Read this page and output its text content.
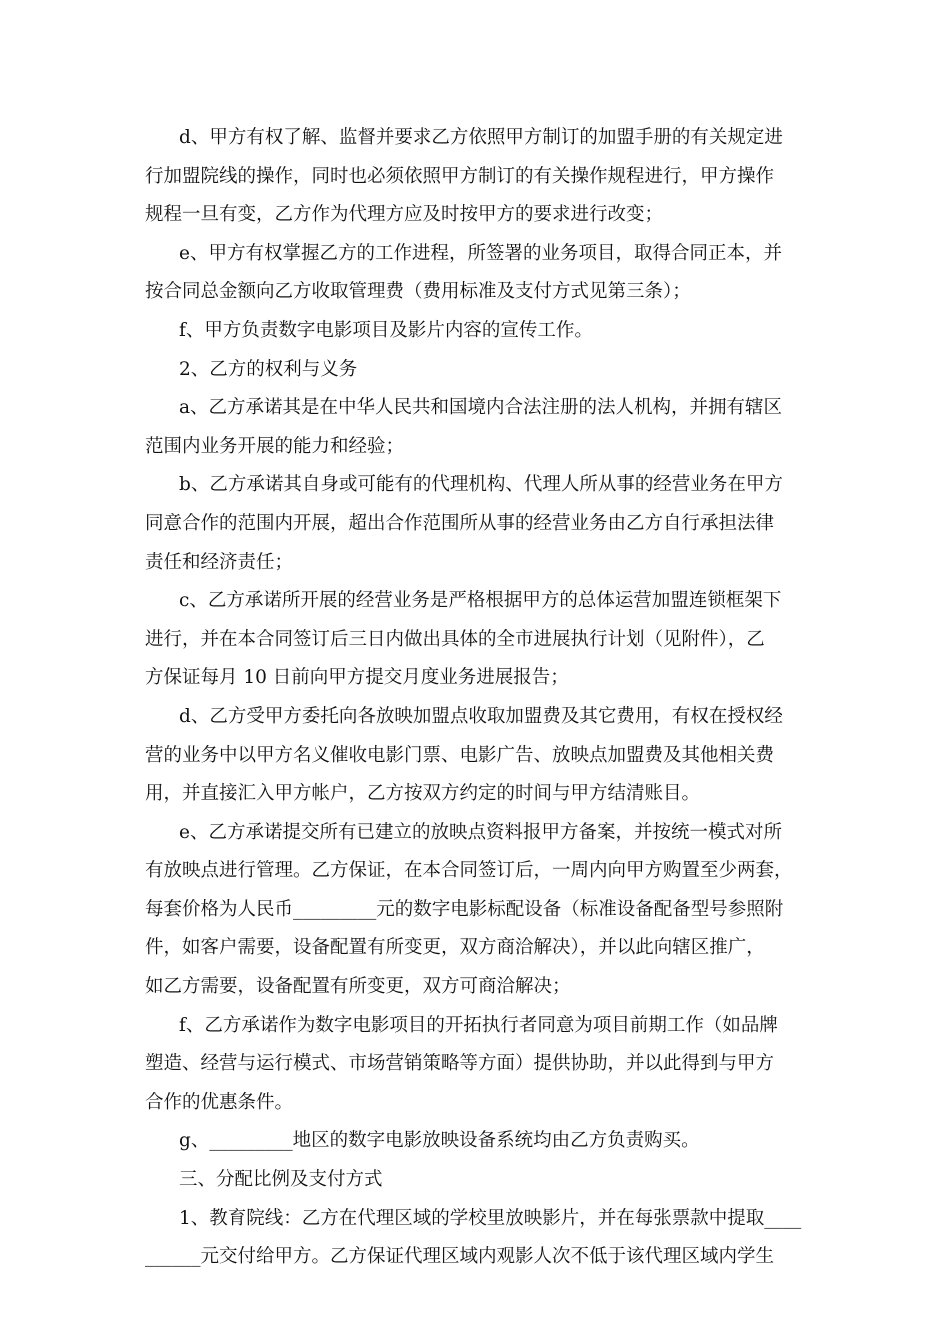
d、甲方有权了解、监督并要求乙方依照甲方制订的加盟手册的有关规定进
行加盟院线的操作，同时也必须依照甲方制订的有关操作规程进行，甲方操作
规程一旦有变，乙方作为代理方应及时按甲方的要求进行改变；
e、甲方有权掌握乙方的工作进程，所签署的业务项目，取得合同正本，并
按合同总金额向乙方收取管理费（费用标准及支付方式见第三条）；
f、甲方负责数字电影项目及影片内容的宣传工作。
2、乙方的权利与义务
a、乙方承诺其是在中华人民共和国境内合法注册的法人机构，并拥有辖区
范围内业务开展的能力和经验；
b、乙方承诺其自身或可能有的代理机构、代理人所从事的经营业务在甲方
同意合作的范围内开展，超出合作范围所从事的经营业务由乙方自行承担法律
责任和经济责任；
c、乙方承诺所开展的经营业务是严格根据甲方的总体运营加盟连锁框架下
进行，并在本合同签订后三日内做出具体的全市进展执行计划（见附件），乙
方保证每月 10 日前向甲方提交月度业务进展报告；
d、乙方受甲方委托向各放映加盟点收取加盟费及其它费用，有权在授权经
营的业务中以甲方名义催收电影门票、电影广告、放映点加盟费及其他相关费
用，并直接汇入甲方帐户，乙方按双方约定的时间与甲方结清账目。
e、乙方承诺提交所有已建立的放映点资料报甲方备案，并按统一模式对所
有放映点进行管理。乙方保证，在本合同签订后，一周内向甲方购置至少两套，
每套价格为人民币_________元的数字电影标配设备（标准设备配备型号参照附
件，如客户需要，设备配置有所变更，双方商洽解决），并以此向辖区推广，
如乙方需要，设备配置有所变更，双方可商洽解决；
f、乙方承诺作为数字电影项目的开拓执行者同意为项目前期工作（如品牌
塑造、经营与运行模式、市场营销策略等方面）提供协助，并以此得到与甲方
合作的优惠条件。
g、_________地区的数字电影放映设备系统均由乙方负责购买。
三、分配比例及支付方式
1、教育院线：乙方在代理区域的学校里放映影片，并在每张票款中提取____
______元交付给甲方。乙方保证代理区域内观影人次不低于该代理区域内学生
